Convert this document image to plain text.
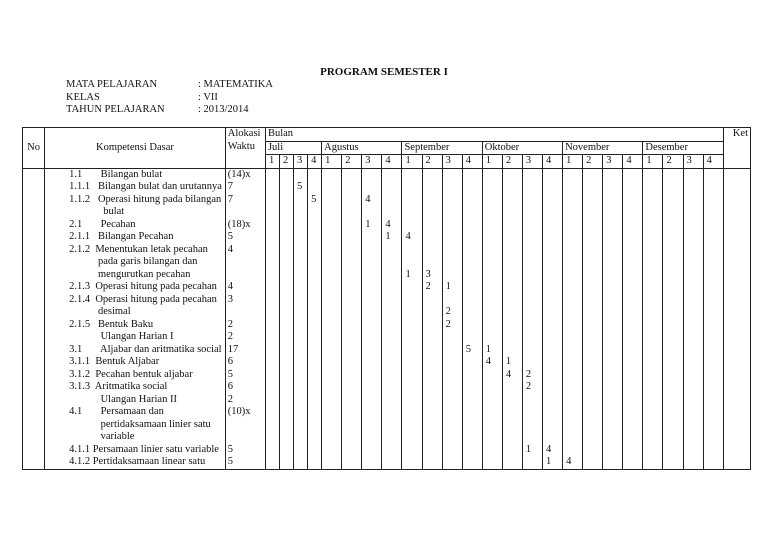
PROGRAM SEMESTER I
MATA PELAJARAN	: MATEMATIKA
KELAS	: VII
TAHUN PELAJARAN	: 2013/2014
No	Kompetensi Dasar	Alokasi
Waktu	Bulan																								Ket
			Juli				Agustus				September				Oktober				November				Desember				
			1	2	3	4	1	2	3	4	1	2	3	4	1	2	3	4	1	2	3	4	1	2	3	4	
	1.1       Bilangan bulat	(14)x																									
	1.1.1   Bilangan bulat dan urutannya	7			5																						
	1.1.2   Operasi hitung pada bilangan	7				5			4																		
	bulat																										
	2.1       Pecahan	(18)x							1	4																	
	2.1.1   Bilangan Pecahan	5								1	4																
	2.1.2  Menentukan letak pecahan	4																									
	pada garis bilangan dan																										
	mengurutkan pecahan										1	3															
	2.1.3  Operasi hitung pada pecahan	4										2	1														
	2.1.4  Operasi hitung pada pecahan	3																									
	desimal												2														
	2.1.5   Bentuk Baku	2											2														
	Ulangan Harian I	2																									
	3.1       Aljabar dan aritmatika social	17												5	1												
	3.1.1  Bentuk Aljabar	6													4	1											
	3.1.2  Pecahan bentuk aljabar	5														4	2										
	3.1.3  Aritmatika social	6															2										
	Ulangan Harian II	2																									
	4.1       Persamaan dan	(10)x																									
	pertidaksamaan linier satu																										
	variable																										
	4.1.1 Persamaan linier satu variable	5															1	4									
	4.1.2 Pertidaksamaan linear satu	5																1	4								
